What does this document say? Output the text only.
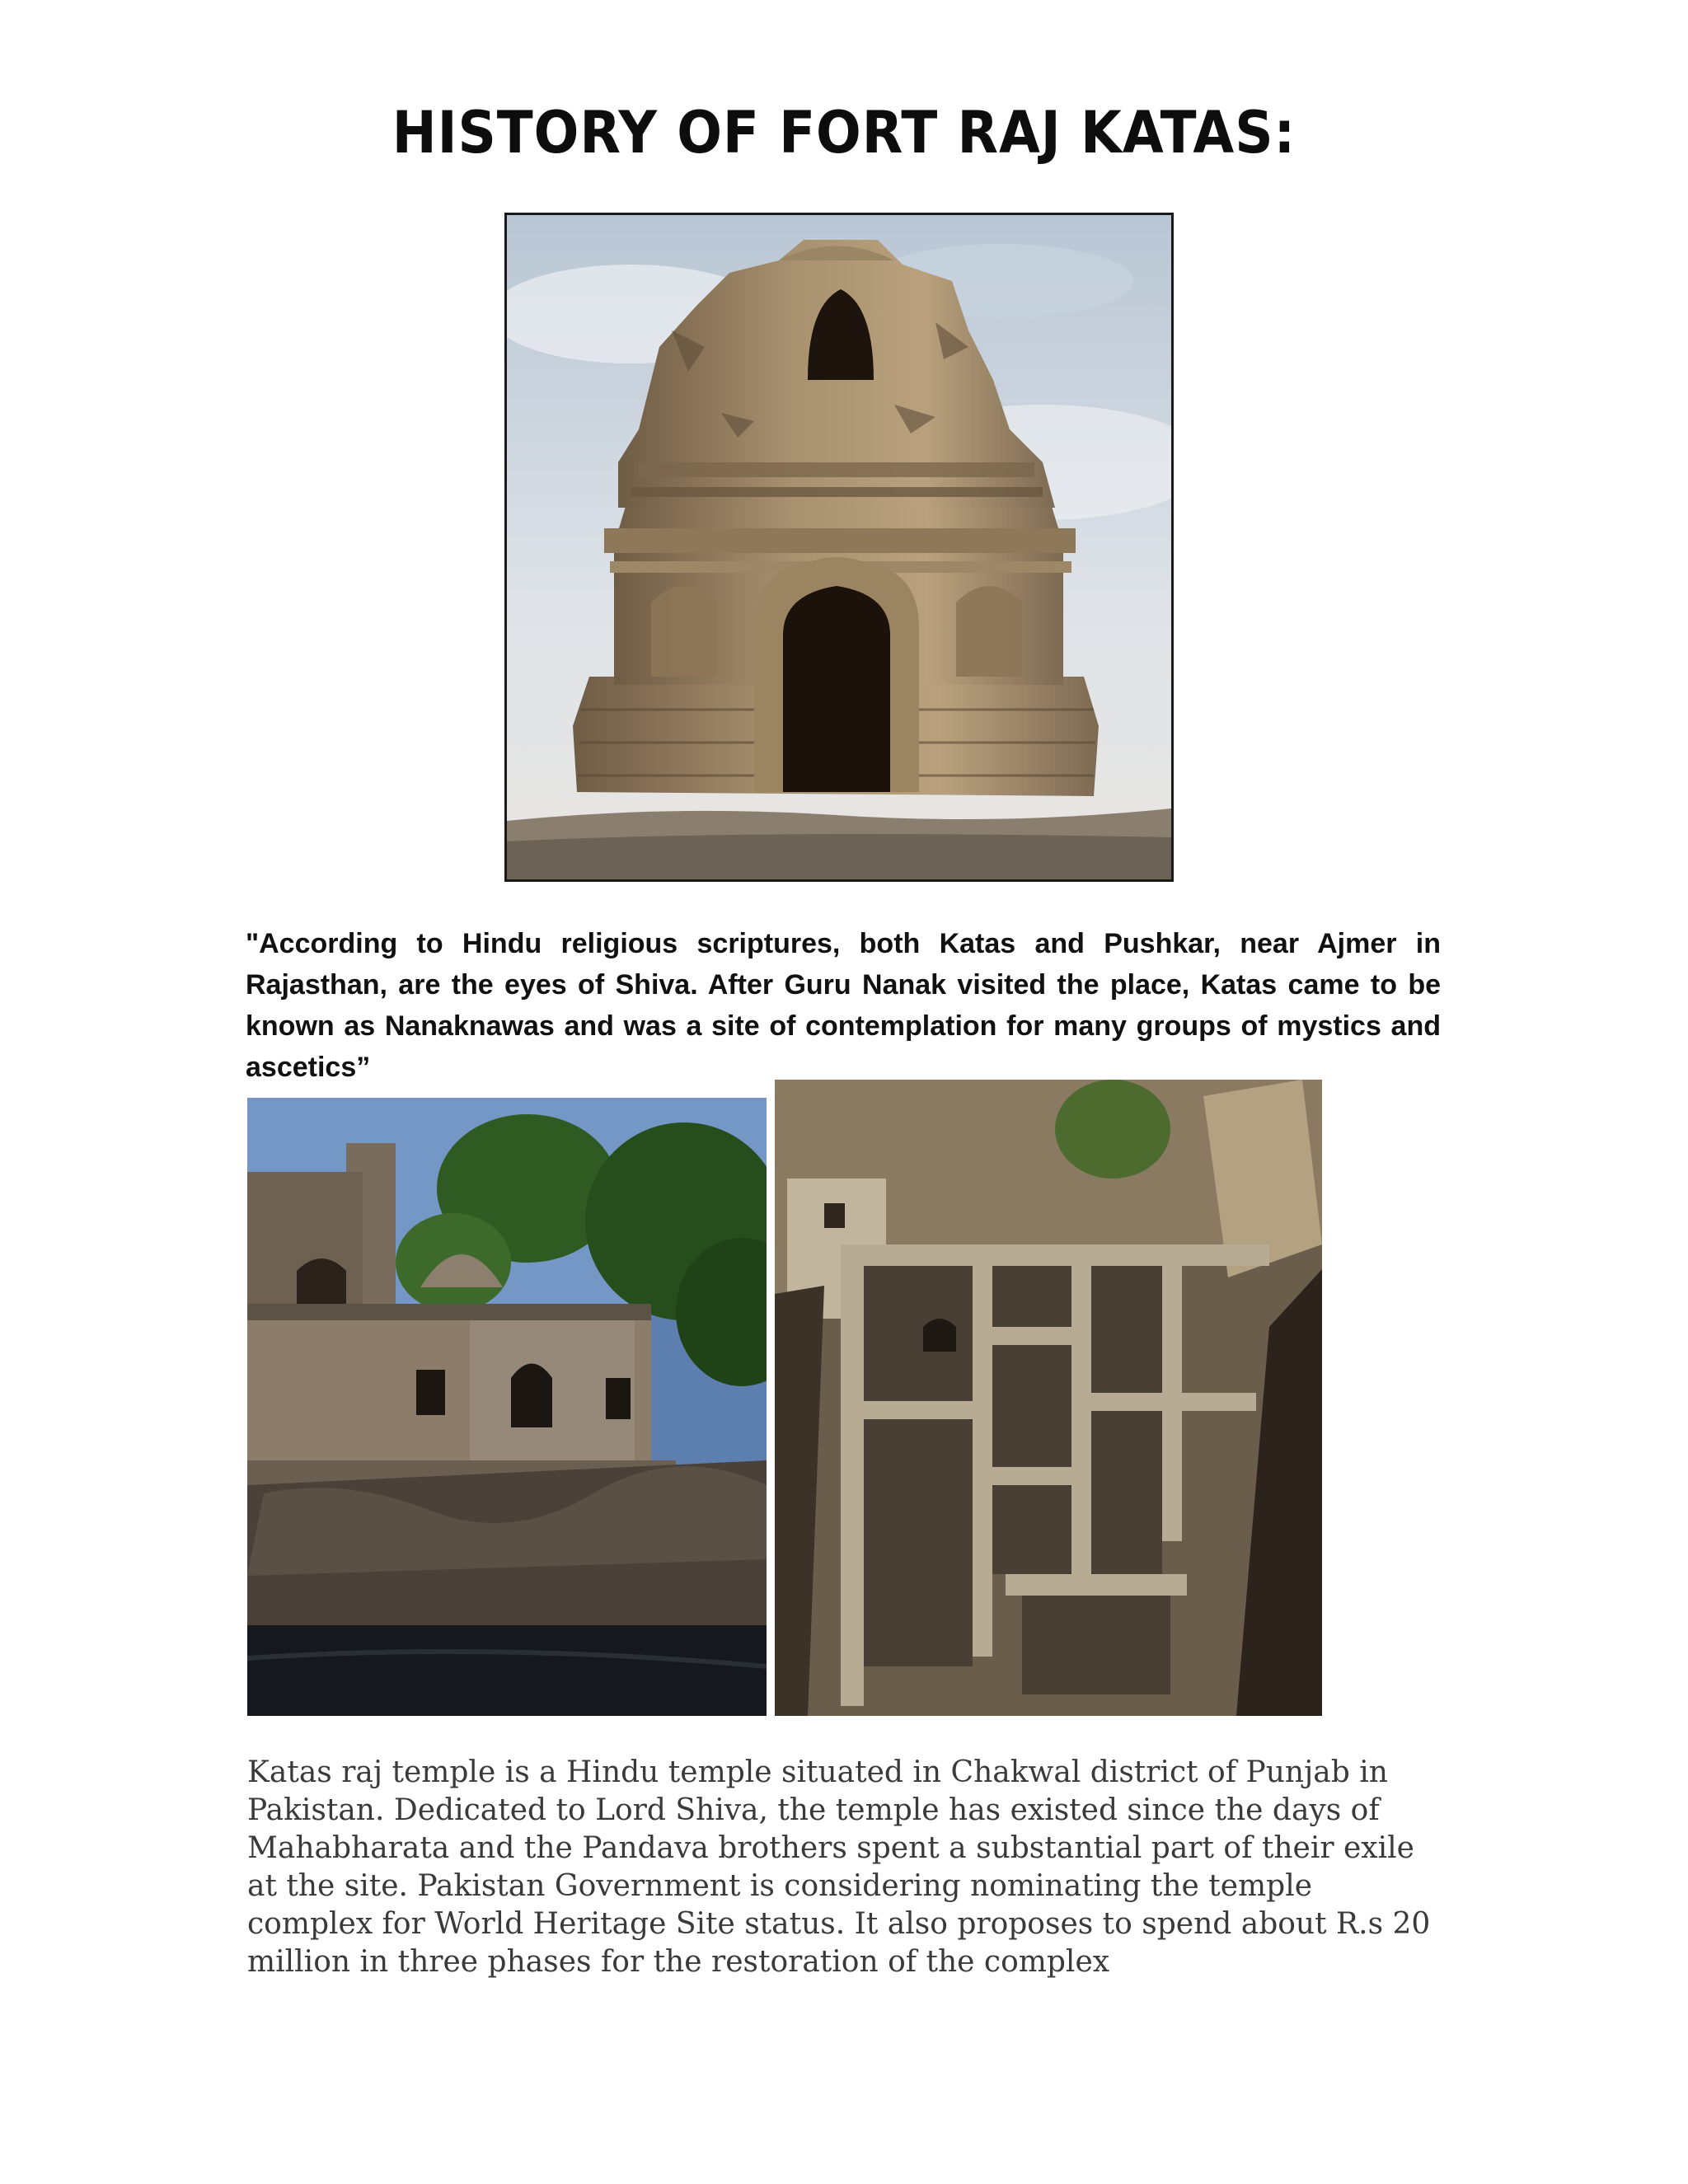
HISTORY OF FORT RAJ KATAS:
"According to Hindu religious scriptures, both Katas and Pushkar, near Ajmer in Rajasthan, are the eyes of Shiva. After Guru Nanak visited the place, Katas came to be known as Nanaknawas and was a site of contemplation for many groups of mystics and ascetics”
Katas raj temple is a Hindu temple situated in Chakwal district of Punjab in Pakistan. Dedicated to Lord Shiva, the temple has existed since the days of Mahabharata and the Pandava brothers spent a substantial part of their exile at the site. Pakistan Government is considering nominating the temple complex for World Heritage Site status. It also proposes to spend about R.s 20 million in three phases for the restoration of the complex
